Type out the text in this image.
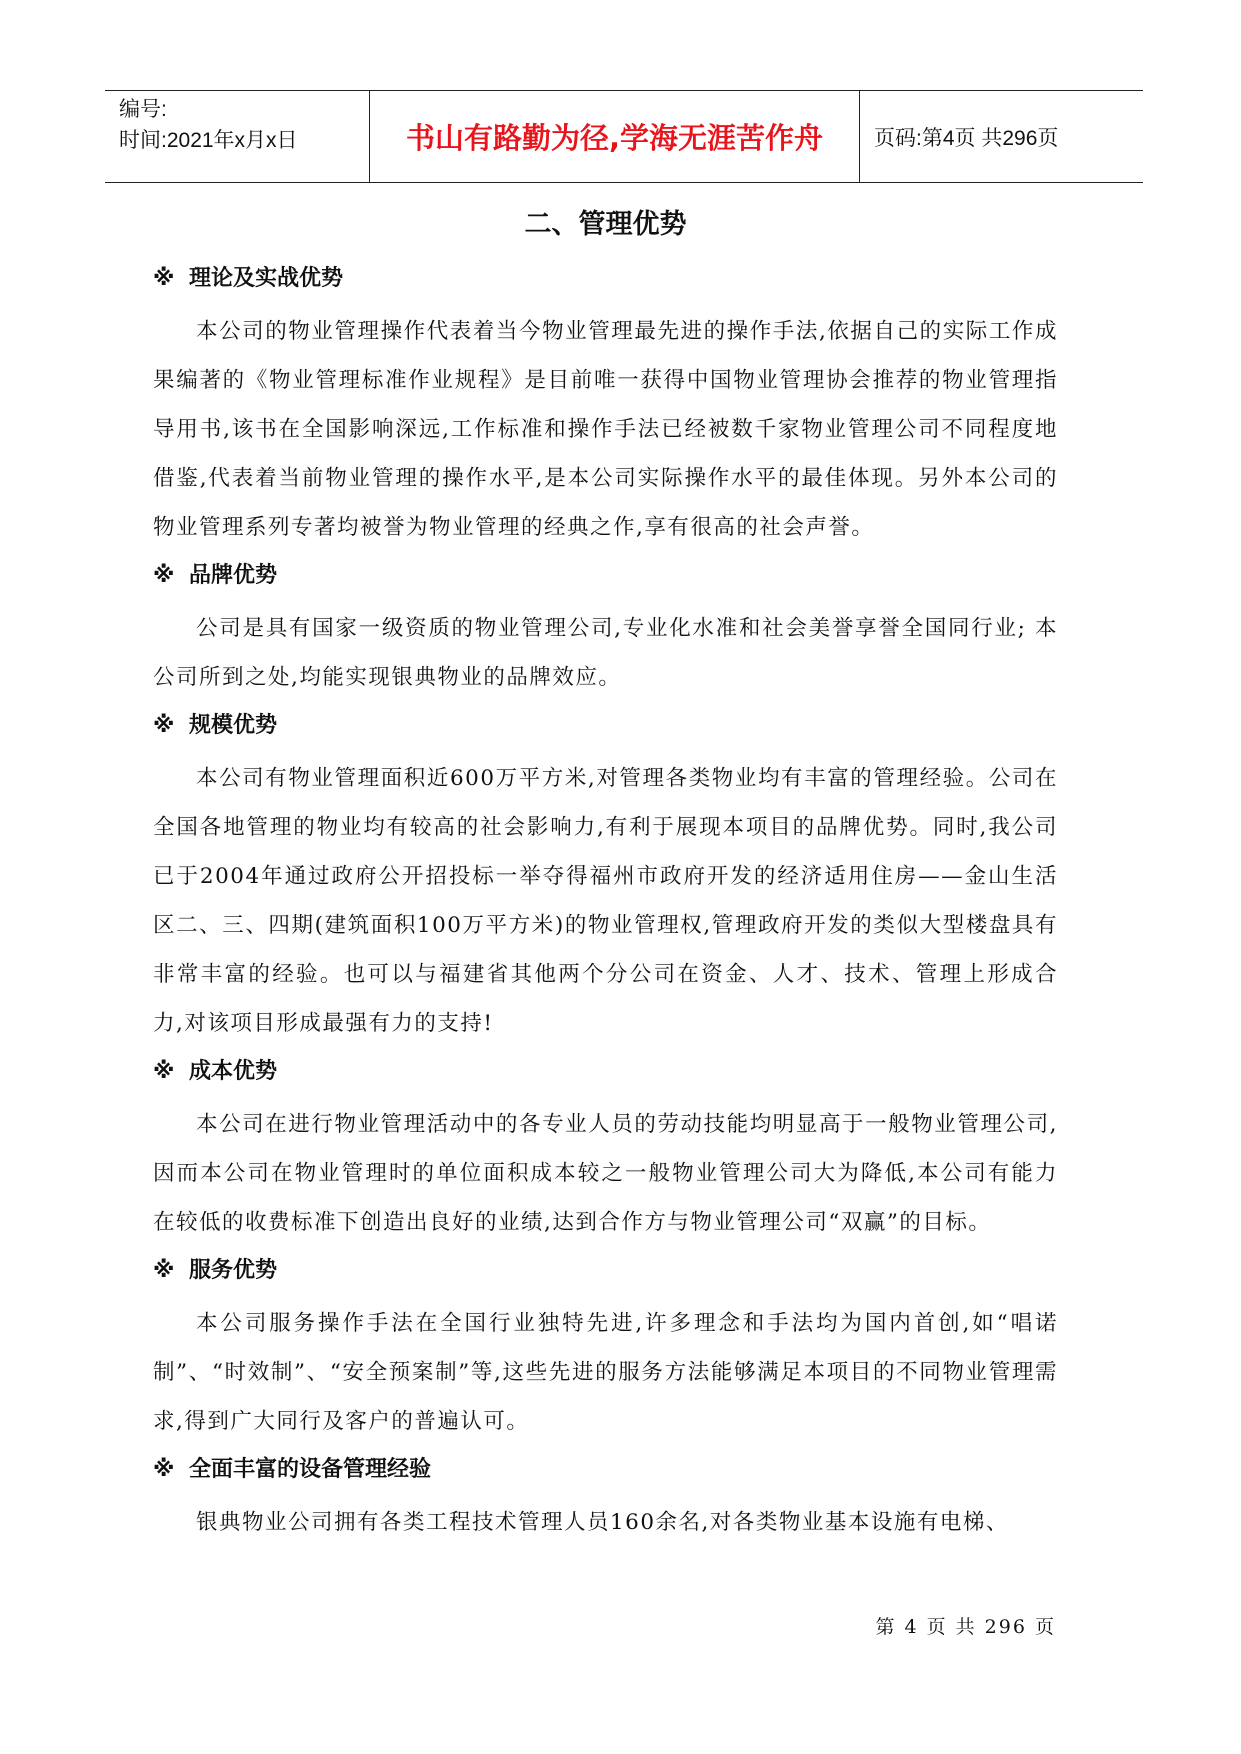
编号:
时间:2021年x月x日	书山有路勤为径,学海无涯苦作舟 页码:第4页 共296页
二、管理优势
※ 理论及实战优势

本公司的物业管理操作代表着当今物业管理最先进的操作手法,依据自己的实际工作成果编著的《物业管理标准作业规程》是目前唯一获得中国物业管理协会推荐的物业管理指导用书,该书在全国影响深远,工作标准和操作手法已经被数千家物业管理公司不同程度地借鉴,代表着当前物业管理的操作水平,是本公司实际操作水平的最佳体现。另外本公司的物业管理系列专著均被誉为物业管理的经典之作,享有很高的社会声誉。

※ 品牌优势

公司是具有国家一级资质的物业管理公司,专业化水准和社会美誉享誉全国同行业; 本公司所到之处,均能实现银典物业的品牌效应。

※ 规模优势

本公司有物业管理面积近600万平方米,对管理各类物业均有丰富的管理经验。公司在全国各地管理的物业均有较高的社会影响力,有利于展现本项目的品牌优势。同时,我公司已于2004年通过政府公开招投标一举夺得福州市政府开发的经济适用住房——金山生活区二、三、四期(建筑面积100万平方米)的物业管理权,管理政府开发的类似大型楼盘具有非常丰富的经验。也可以与福建省其他两个分公司在资金、人才、技术、管理上形成合力,对该项目形成最强有力的支持!

※ 成本优势

本公司在进行物业管理活动中的各专业人员的劳动技能均明显高于一般物业管理公司,因而本公司在物业管理时的单位面积成本较之一般物业管理公司大为降低,本公司有能力在较低的收费标准下创造出良好的业绩,达到合作方与物业管理公司“双赢”的目标。

※ 服务优势

本公司服务操作手法在全国行业独特先进,许多理念和手法均为国内首创,如“唱诺制”、“时效制”、“安全预案制”等,这些先进的服务方法能够满足本项目的不同物业管理需求,得到广大同行及客户的普遍认可。

※ 全面丰富的设备管理经验

银典物业公司拥有各类工程技术管理人员160余名,对各类物业基本设施有电梯、

第 4 页 共 296 页
